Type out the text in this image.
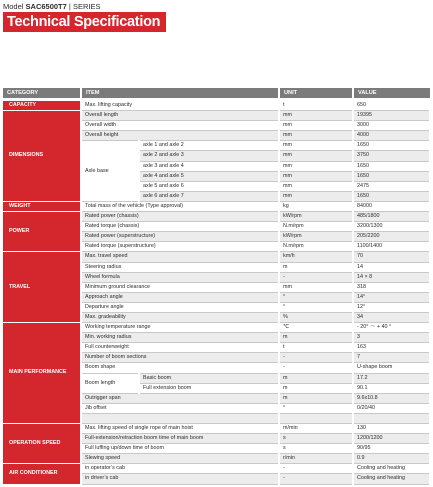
Model SAC6500T7 | SERIES
Technical Specification
CATEGORY	ITEM		UNIT	VALUE

CAPACITY	Max. lifting capacity		t	650
DIMENSIONS	Overall length		mm	19395
	Overall width		mm	3000
	Overall height		mm	4000
	Axle base	axle 1 and axle 2	mm	1650
		axle 2 and axle 3	mm	3750
		axle 3 and axle 4	mm	1650
		axle 4 and axle 5	mm	1650
		axle 5 and axle 6	mm	2475
		axle 6 and axle 7	mm	1650
WEIGHT	Total mass of the vehicle (Type approval)		kg	84000
POWER	Rated power (chassis)		kW/rpm	485/1800
	Rated torque (chassis)		N.m/rpm	3200/1300
	Rated power (superstructure)		kW/rpm	205/2200
	Rated torque (superstructure)		N.m/rpm	1100/1400
TRAVEL	Max. travel speed		km/h	70
	Steering radius		m	14
	Wheel formula		-	14 × 8
	Minimum ground clearance		mm	318
	Approach angle		°	14°
	Departure angle		°	12°
	Max. gradeability		%	34
MAIN PERFORMANCE	Working temperature range		℃	- 20° ～ + 40 °
	Min. working radius		m	3
	Full counterweight		t	163
	Number of boom sections		-	7
	Boom shape		-	U-shape boom
	Boom length	Basic boom	m	17.2
		Full extension boom	m	90.1
	Outrigger span		m	9.6x10.8
	Jib offset		°	0/20/40

OPERATION SPEED	Max. lifting speed of single rope of main hoist		m/min	130
	Full-extension/retraction boom time of main boom		s	1200/1200
	Full luffing up/down time of boom		s	90/95
	Slewing speed		r/min	0.9
AIR CONDITIONER	in operator’s cab		-	Cooling and heating
	in driver’s cab		-	Cooling and heating
